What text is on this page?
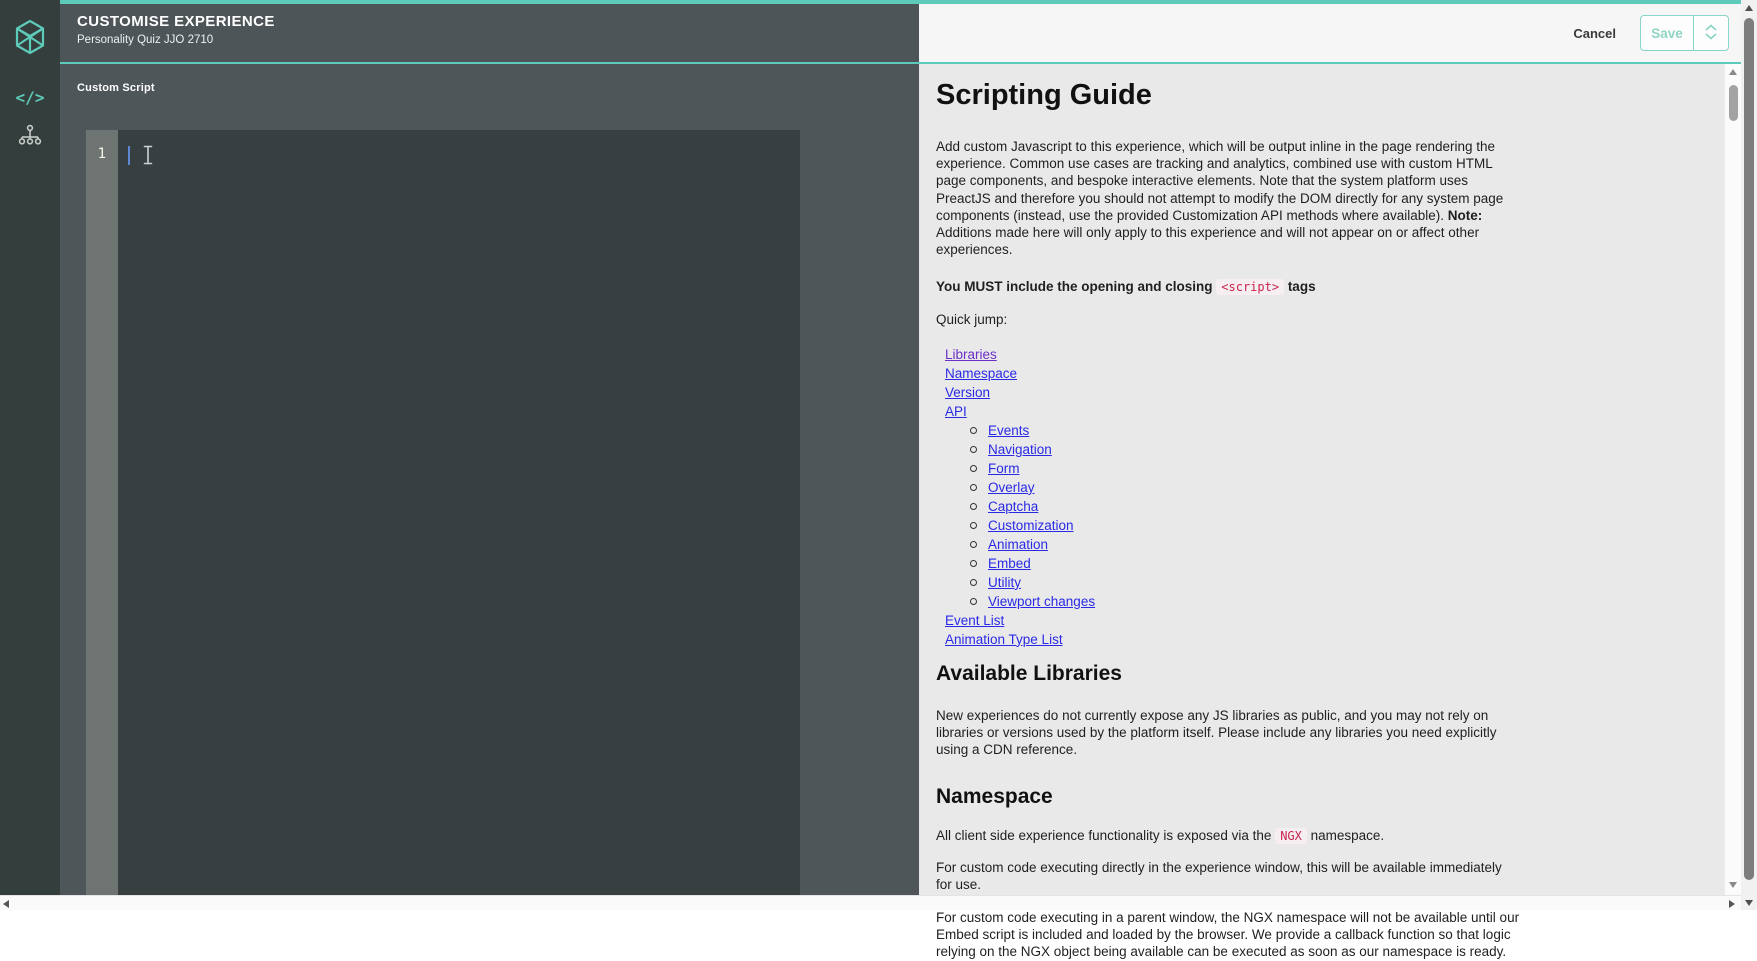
CUSTOMISE EXPERIENCE
Personality Quiz JJO 2710	Cancel	Save
</>	Custom Script
1
Scripting Guide

Add custom Javascript to this experience, which will be output inline in the page rendering the experience. Common use cases are tracking and analytics, combined use with custom HTML page components, and bespoke interactive elements. Note that the system platform uses PreactJS and therefore you should not attempt to modify the DOM directly for any system page components (instead, use the provided Customization API methods where available). Note: Additions made here will only apply to this experience and will not appear on or affect other experiences.

You MUST include the opening and closing <script> tags

Quick jump:

Libraries
Namespace
Version
API
Events
Navigation
Form
Overlay
Captcha
Customization
Animation
Embed
Utility
Viewport changes
Event List
Animation Type List
Available Libraries

New experiences do not currently expose any JS libraries as public, and you may not rely on libraries or versions used by the platform itself. Please include any libraries you need explicitly using a CDN reference.

Namespace

All client side experience functionality is exposed via the NGX namespace.

For custom code executing directly in the experience window, this will be available immediately for use.

For custom code executing in a parent window, the NGX namespace will not be available until our Embed script is included and loaded by the browser. We provide a callback function so that logic relying on the NGX object being available can be executed as soon as our namespace is ready.
